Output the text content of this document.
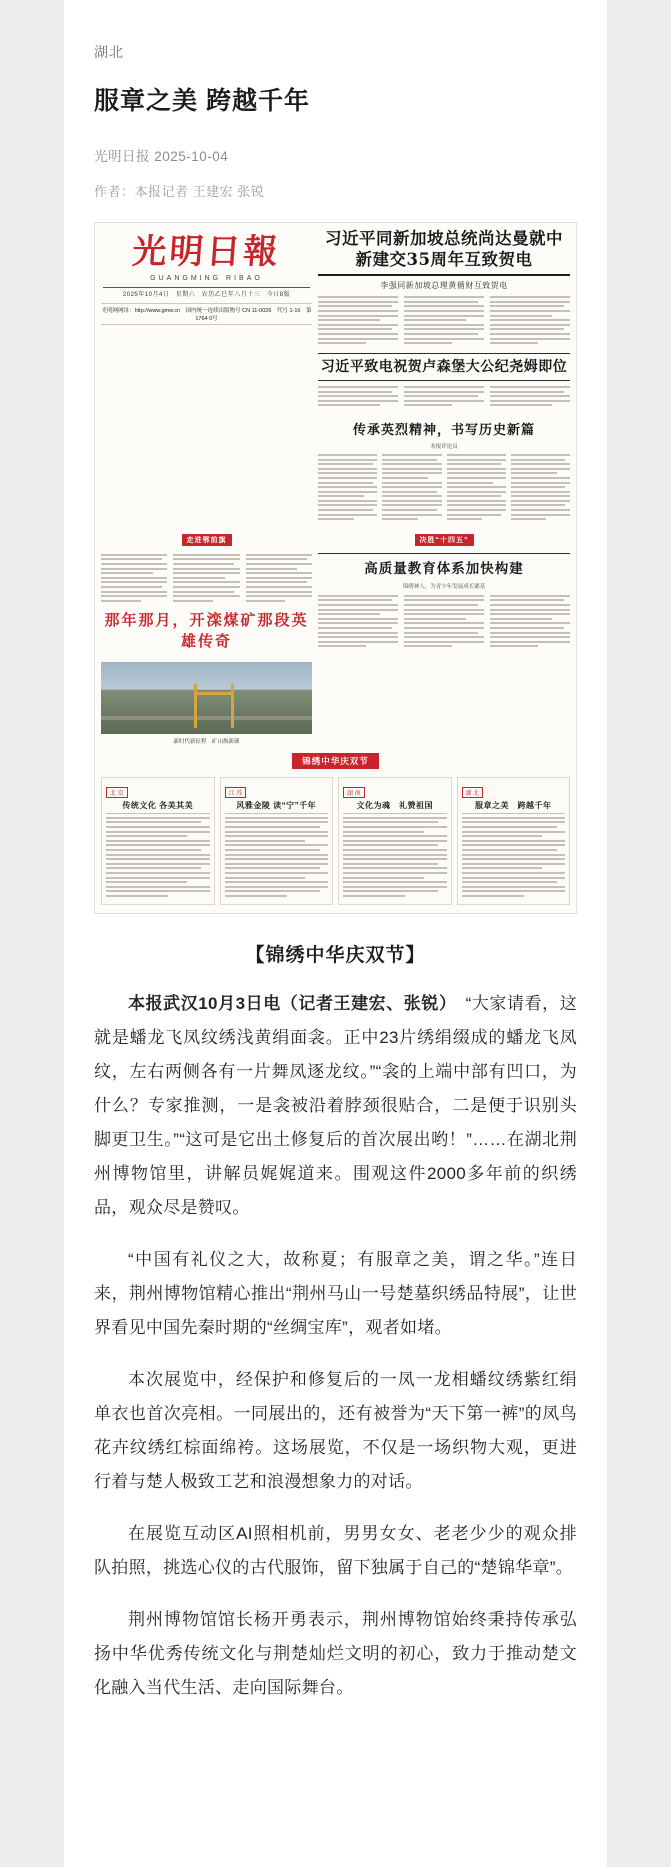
湖北
服章之美 跨越千年
光明日报 2025-10-04
作者：本报记者 王建宏 张锐
光明日報
GUANGMING RIBAO
2025年10月4日　星期六　农历乙巳年八月十三　今日8版
光明网网址：http://www.gmw.cn　国内统一连续出版物号 CN 11-0026　代号 1-16　第1764 0号
习近平同新加坡总统尚达曼就中新建交35周年互致贺电
李强同新加坡总理黄循财互致贺电
习近平致电祝贺卢森堡大公纪尧姆即位
传承英烈精神，书写历史新篇
本报评论员
走进鄂前旗
那年那月，开滦煤矿那段英雄传奇
新时代新征程　矿山焕新颜
决胜“十四五”
高质量教育体系加快构建
锦绣神人，为青少年发展成长铺基
锦绣中华庆双节
北 京
传统文化 各美其美
江 苏
风雅金陵 读“宁”千年
湖 南
文化为魂　礼赞祖国
湖 北
服章之美　跨越千年
【锦绣中华庆双节】

本报武汉10月3日电（记者王建宏、张锐）　“大家请看，这就是蟠龙飞凤纹绣浅黄绢面衾。正中23片绣绢缀成的蟠龙飞凤纹，左右两侧各有一片舞凤逐龙纹。”“衾的上端中部有凹口，为什么？专家推测，一是衾被沿着脖颈很贴合，二是便于识别头脚更卫生。”“这可是它出土修复后的首次展出哟！”……在湖北荆州博物馆里，讲解员娓娓道来。围观这件2000多年前的织绣品，观众尽是赞叹。

“中国有礼仪之大，故称夏；有服章之美，谓之华。”连日来，荆州博物馆精心推出“荆州马山一号楚墓织绣品特展”，让世界看见中国先秦时期的“丝绸宝库”，观者如堵。

本次展览中，经保护和修复后的一凤一龙相蟠纹绣紫红绢单衣也首次亮相。一同展出的，还有被誉为“天下第一裤”的凤鸟花卉纹绣红棕面绵袴。这场展览，不仅是一场织物大观，更进行着与楚人极致工艺和浪漫想象力的对话。

在展览互动区AI照相机前，男男女女、老老少少的观众排队拍照，挑选心仪的古代服饰，留下独属于自己的“楚锦华章”。

荆州博物馆馆长杨开勇表示，荆州博物馆始终秉持传承弘扬中华优秀传统文化与荆楚灿烂文明的初心，致力于推动楚文化融入当代生活、走向国际舞台。
